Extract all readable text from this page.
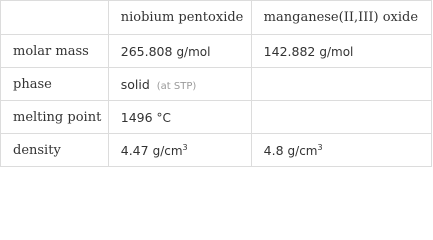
	niobium pentoxide	manganese(II,III) oxide
molar mass	265.808 g/mol	142.882 g/mol
phase	solid (at STP)	
melting point	1496 °C	
density	4.47 $g/cm^3$	4.8 $g/cm^3$
